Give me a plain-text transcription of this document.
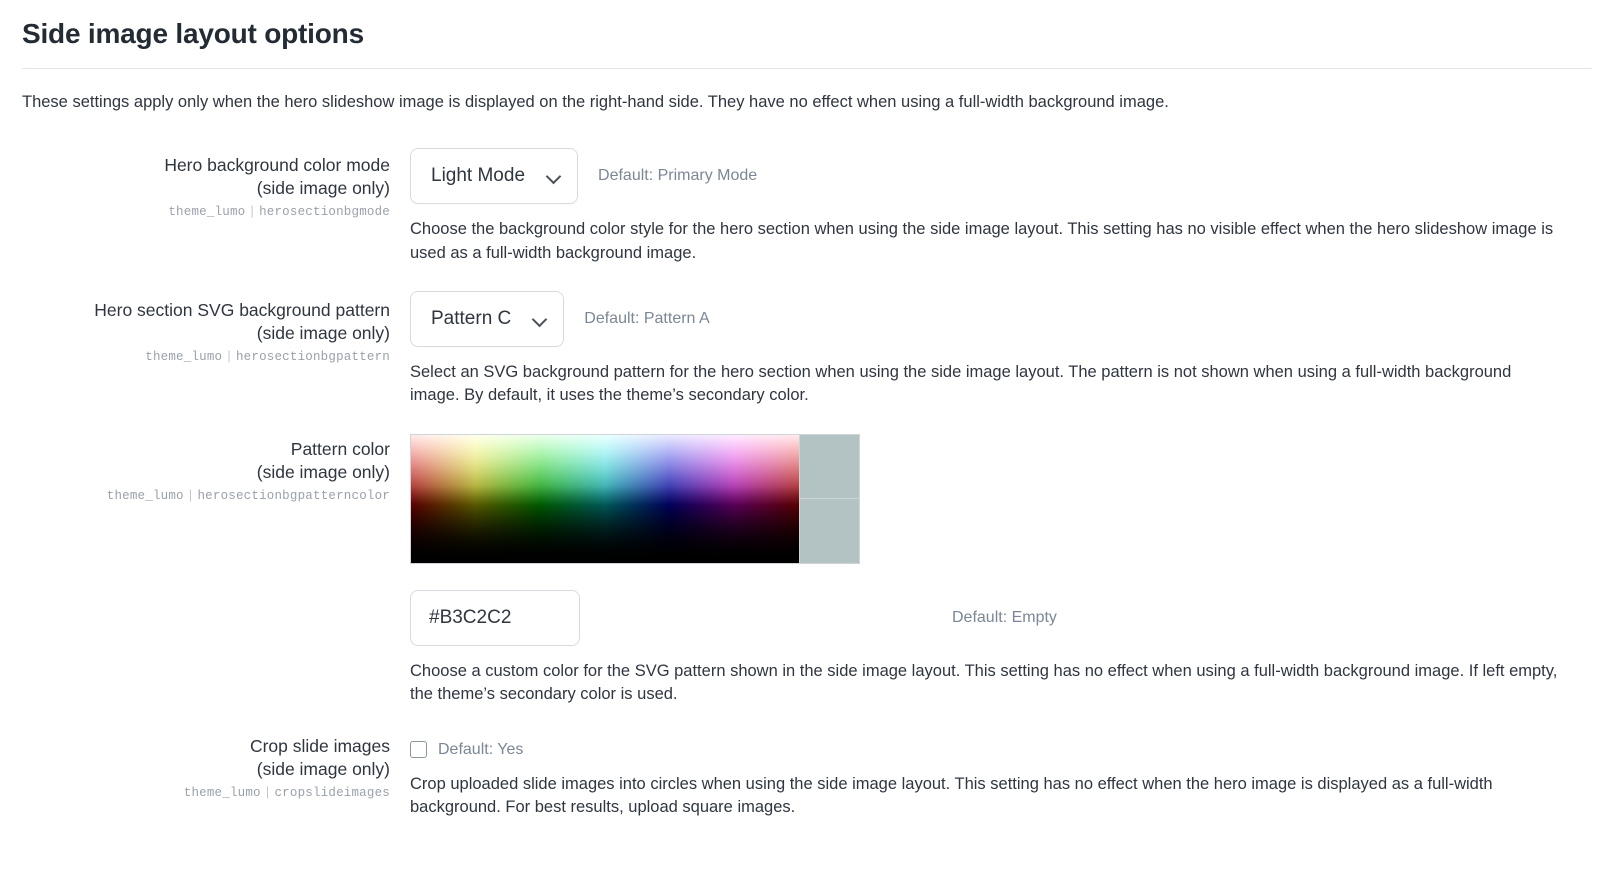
Side image layout options

These settings apply only when the hero slideshow image is displayed on the right-hand side. They have no effect when using a full-width background image.

Hero background color mode
(side image only)
theme_lumo | herosectionbgmode
Light Mode	Default: Primary Mode
Choose the background color style for the hero section when using the side image layout. This setting has no visible effect when the hero slideshow image is used as a full-width background image.
Hero section SVG background pattern
(side image only)
theme_lumo | herosectionbgpattern
Pattern C	Default: Pattern A
Select an SVG background pattern for the hero section when using the side image layout. The pattern is not shown when using a full-width background image. By default, it uses the theme’s secondary color.
Pattern color
(side image only)
theme_lumo | herosectionbgpatterncolor
#B3C2C2
Default: Empty
Choose a custom color for the SVG pattern shown in the side image layout. This setting has no effect when using a full-width background image. If left empty, the theme’s secondary color is used.
Crop slide images
(side image only)
theme_lumo | cropslideimages
Default: Yes
Crop uploaded slide images into circles when using the side image layout. This setting has no effect when the hero image is displayed as a full-width background. For best results, upload square images.
